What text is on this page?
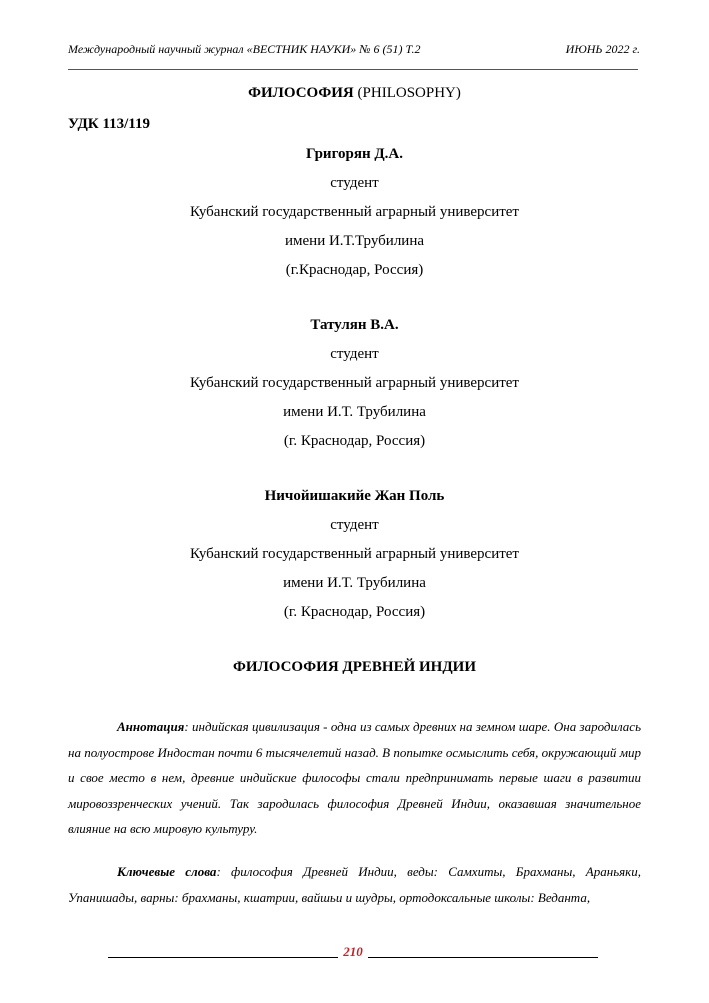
Международный научный журнал «ВЕСТНИК НАУКИ» № 6 (51) Т.2	ИЮНЬ 2022 г.
ФИЛОСОФИЯ (PHILOSOPHY)
УДК 113/119
Григорян Д.А.
студент
Кубанский государственный аграрный университет
имени И.Т.Трубилина
(г.Краснодар, Россия)
Татулян В.А.
студент
Кубанский государственный аграрный университет
имени И.Т. Трубилина
(г. Краснодар, Россия)
Ничойишакийе Жан Поль
студент
Кубанский государственный аграрный университет
имени И.Т. Трубилина
(г. Краснодар, Россия)
ФИЛОСОФИЯ ДРЕВНЕЙ ИНДИИ
Аннотация: индийская цивилизация - одна из самых древних на земном шаре. Она зародилась на полуострове Индостан почти 6 тысячелетий назад. В попытке осмыслить себя, окружающий мир и свое место в нем, древние индийские философы стали предпринимать первые шаги в развитии мировоззренческих учений. Так зародилась философия Древней Индии, оказавшая значительное влияние на всю мировую культуру.
Ключевые слова: философия Древней Индии, веды: Самхиты, Брахманы, Араньяки, Упанишады, варны: брахманы, кшатрии, вайшьи и шудры, ортодоксальные школы: Веданта,
210
